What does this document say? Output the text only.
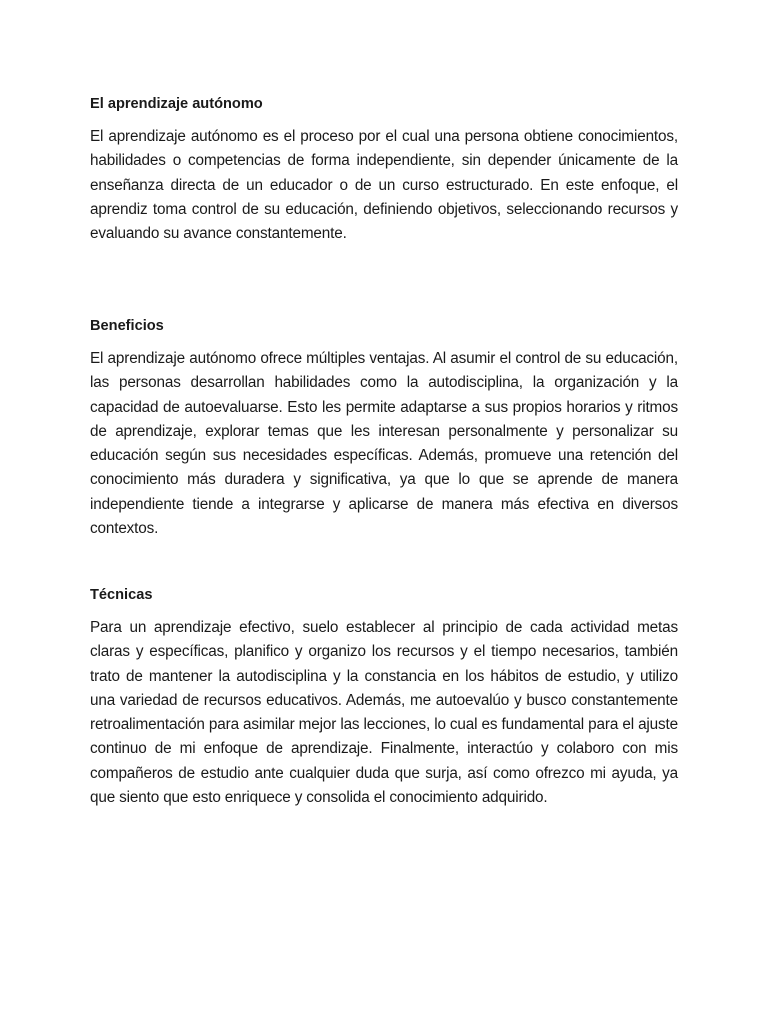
El aprendizaje autónomo

El aprendizaje autónomo es el proceso por el cual una persona obtiene conocimientos, habilidades o competencias de forma independiente, sin depender únicamente de la enseñanza directa de un educador o de un curso estructurado. En este enfoque, el aprendiz toma control de su educación, definiendo objetivos, seleccionando recursos y evaluando su avance constantemente.

Beneficios

El aprendizaje autónomo ofrece múltiples ventajas. Al asumir el control de su educación, las personas desarrollan habilidades como la autodisciplina, la organización y la capacidad de autoevaluarse. Esto les permite adaptarse a sus propios horarios y ritmos de aprendizaje, explorar temas que les interesan personalmente y personalizar su educación según sus necesidades específicas. Además, promueve una retención del conocimiento más duradera y significativa, ya que lo que se aprende de manera independiente tiende a integrarse y aplicarse de manera más efectiva en diversos contextos.

Técnicas

Para un aprendizaje efectivo, suelo establecer al principio de cada actividad metas claras y específicas, planifico y organizo los recursos y el tiempo necesarios, también trato de mantener la autodisciplina y la constancia en los hábitos de estudio, y utilizo una variedad de recursos educativos. Además, me autoevalúo y busco constantemente retroalimentación para asimilar mejor las lecciones, lo cual es fundamental para el ajuste continuo de mi enfoque de aprendizaje. Finalmente, interactúo y colaboro con mis compañeros de estudio ante cualquier duda que surja, así como ofrezco mi ayuda, ya que siento que esto enriquece y consolida el conocimiento adquirido.
